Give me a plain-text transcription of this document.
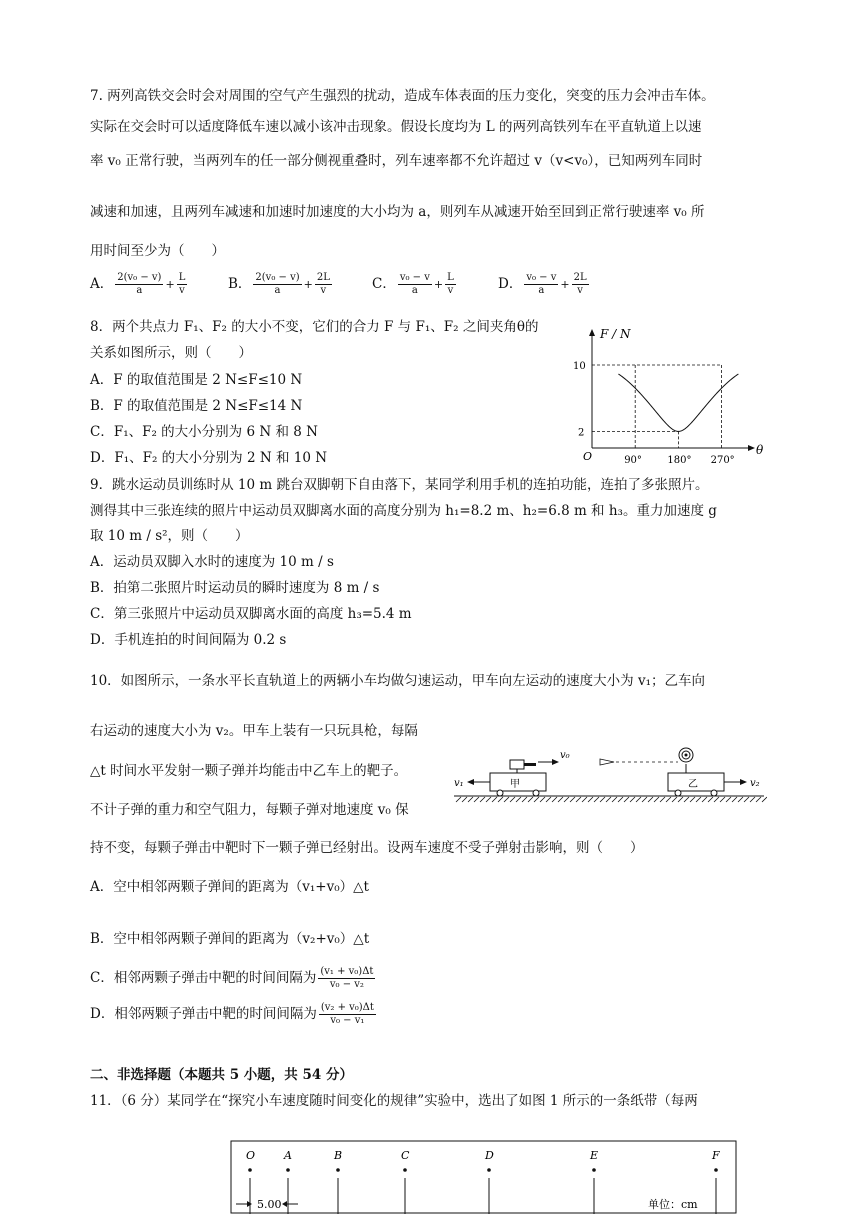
7. 两列高铁交会时会对周围的空气产生强烈的扰动，造成车体表面的压力变化，突变的压力会冲击车体。
实际在交会时可以适度降低车速以减小该冲击现象。假设长度均为 L 的两列高铁列车在平直轨道上以速
率 v₀ 正常行驶，当两列车的任一部分侧视重叠时，列车速率都不允许超过 v（v<v₀），已知两列车同时
减速和加速，且两列车减速和加速时加速度的大小均为 a，则列车从减速开始至回到正常行驶速率 v₀ 所
用时间至少为（　　）
A． $\frac{\text{2(v₀ − v)}}{a} + \frac{L}{v}$	B． $\frac{\text{2(v₀ − v)}}{a} + \frac{2L}{v}$	C． $\frac{\text{v₀ − v}}{a} + \frac{L}{v}$	D． $\frac{\text{v₀ − v}}{a} + \frac{2L}{v}$
8．两个共点力 F₁、F₂ 的大小不变，它们的合力 F 与 F₁、F₂ 之间夹角θ的
关系如图所示，则（　　）
A．F 的取值范围是 2 N≤F≤10 N
B．F 的取值范围是 2 N≤F≤14 N
C．F₁、F₂ 的大小分别为 6 N 和 8 N
D．F₁、F₂ 的大小分别为 2 N 和 10 N
F / N
θ
O	90°	180° 270°
2
10
9．跳水运动员训练时从 10 m 跳台双脚朝下自由落下，某同学利用手机的连拍功能，连拍了多张照片。
测得其中三张连续的照片中运动员双脚离水面的高度分别为 h₁=8.2 m、h₂=6.8 m 和 h₃。重力加速度 g
取 10 m / s²，则（　　）
A．运动员双脚入水时的速度为 10 m / s
B．拍第二张照片时运动员的瞬时速度为 8 m / s
C．第三张照片中运动员双脚离水面的高度 h₃=5.4 m
D．手机连拍的时间间隔为 0.2 s
10．如图所示，一条水平长直轨道上的两辆小车均做匀速运动，甲车向左运动的速度大小为 v₁；乙车向
右运动的速度大小为 v₂。甲车上装有一只玩具枪，每隔
△t 时间水平发射一颗子弹并均能击中乙车上的靶子。
不计子弹的重力和空气阻力，每颗子弹对地速度 v₀ 保
持不变，每颗子弹击中靶时下一颗子弹已经射出。设两车速度不受子弹射击影响，则（　　）
甲
v₁
v₀
乙	v₂
A．空中相邻两颗子弹间的距离为（v₁+v₀）△t
B．空中相邻两颗子弹间的距离为（v₂+v₀）△t
C．相邻两颗子弹击中靶的时间间隔为 $\frac{\text{(v₁ + v₀)Δt}}{\text{v₀ − v₂}}$
D．相邻两颗子弹击中靶的时间间隔为 $\frac{\text{(v₂ + v₀)Δt}}{\text{v₀ − v₁}}$
二、非选择题（本题共 5 小题，共 54 分）
11．（6 分）某同学在“探究小车速度随时间变化的规律”实验中，选出了如图 1 所示的一条纸带（每两
O	A	B	C	D	E	F
5.00	单位：cm
